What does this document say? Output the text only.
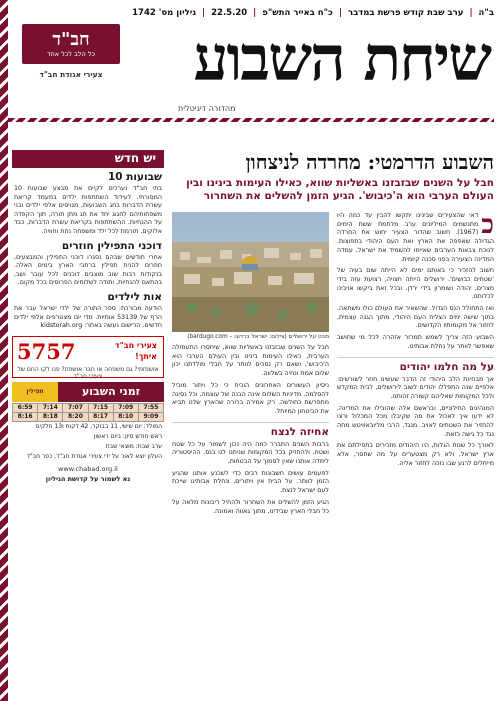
ב"ה
|
ערב שבת קודש פרשת במדבר
|
כ"ח באייר התש"פ
|
22.5.20
|
גיליון מס' 1742
שיחת השבוע
חב"ד
כל הלב לכל אחד
צעירי אגודת חב"ד
מהדורה דיגיטלית
יש חדש
שבועות 10

בתי חב"ד נערכים לקיים את מבצע שבועות 10 המסורתי. לעידוד השתתפות ילדים במעמד קריאת עשרת הדברות בחג השבועות, מגויסים אלפי ילדים ובני משפחותיהם לחגוג יחד את חג מתן תורה, תוך הקפדה על ההנחיות. ההשתתפות בקריאת עשרת הדברות, כבד אלוקים, תורמת לכל ילד ומשפחה נחת וחוויה.

דוכני התפילין חוזרים

אחרי חודשים שבהם נסגרו דוכני התפילין והמבצעים, חוזרים להניח תפילין ברחבי הארץ בימים האלה. בנקודות רבות שוב מוצבים דוכנים לכל עובר ושב, בהתאם להנחיות, ותודה לשלוחים הפרוסים בכל מקום.

אות לילדים

הודעה מבורכת: ספר התורה של ילדי ישראל עבר את הרף של 53139 אותיות. מדי יום מצטרפים אלפי ילדים חדשים. הרישום נעשה באתר: kidstorah.org

5757	צעירי חב"ד
איתך!
אושפזתי? גם משפחה או חבר אושפזו? פנו לקו החם של צעירי חב"ד
זמני השבוע
תפילין
7:55	7:09	7:15	7:07	7:14	6:59
9:09	8:10	8:17	8:20	8:18	8:16
המולד: יום שישי, 11 בבוקר, 42 דקות ו13 חלקים
ראש חודש סיון: ביום ראשון
ערב שבת: מוצאי שבת
העלון יוצא לאור על ידי צעירי אגודת חב"ד, כפר חב"ד
www.chabad.org.il
נא לשמור על קדושת הגיליון
השבוע הדרמטי: מחרדה לניצחון
חבל על השנים שבזבזנו באשליות שווא, כאילו העימות בינינו ובין העולם הערבי הוא ה'כיבוש'. הגיע הזמן להשלים את השחרור

כ
דאי שהצעירים שבינינו יתקשו להבין עד כמה היו מתנשמים המיליונים ערב מלחמת ששת הימים (1967). חשוב שהדור הצעיר יחוש את החרדה הגדולה שאפפה את הארץ ואת העם היהודי בתפוצות. לנוכח צבאות הערבים שאיימו להשמיד את ישראל, עמדה המדינה הצעירה בפני סכנה קיומית.

חשוב להזכיר כי באותם ימים לא הייתה שום בעיה של 'שטחים כבושים'. ירושלים הייתה חצויה, רצועת עזה בידי מצרים, יהודה ושומרון בידי ירדן. ובכל זאת ביקשו אויבינו לכלותנו.

ואז התחולל הנס הגדול. שהשאיר את העולם כולו משתאה. בתוך שישה ימים הצליח העם היהודי, מתוך הגנה עצמית, לחזור אל מקומותיו הקדושים.

השבוע הזה צריך לשמש תמרור אזהרה לכל מי שחושב שאפשר לוותר על נחלת אבותינו.

על מה חלמו יהודים

אך מבחינת הלב היהודי זה הדבר שעשינו חוזר לשורשים: אלפיים שנה התפללו יהודים לשוב לירושלים, לבית המקדש ולכל המקומות שאליהם קשורה זהותנו.

המנהיגים החילוניים, ובראשם אלה שהובילו את המדינה, לא ידעו איך לאכול את מה שקיבלו מכל המכלול ורצו להחזיר את השטחים לאויב. מנגד, הרבי מליובאוויטש מחה נגד כל גישה כזאת.

לאורך כל שנות הגלות, היו היהודים מזכירים בתפילתם את ארץ ישראל, ולא רק מצטערים על מה שחסר, אלא מייחלים לרגע שבו נזכה לחזור אליה.

מבט על ירושלים (צילום: ישראל ברדוגו – bardugo.com)

חבל על השנים שבזבזנו באשליות שווא, שיחסרו התעמולה הערבית, כאילו העימות בינינו ובין העולם הערבי הוא ה'כיבוש', ושאם רק נסכים לוותר על חבלי מולדתנו יכון שלום אמת ונחיה בשלווה.

ניסיון העשורים האחרונים הוכיח כי כל ויתור מוביל להסלמה. מדיניות השלום אינה הבנה של עוצמה, וכל נסיגה מתפרשת כחולשה. רק אמירה ברורה שהארץ שלנו תביא את הביטחון המיוחל.

אחיזה לנצח

ברבות השנים התברר כמה היה נכון לשמור על כל שטח ושטח, ולהחזיק בכל המקומות שניתנו לנו בנס. ההיסטוריה לימדה אותנו שאין לסמוך על הבטחות.

לפעמים עושים חשבונות רבים כדי לשכנע אותנו שהגיע הזמן לוותר. על הבית אין ויתורים, ונחלת אבותינו שייכת לעם ישראל לנצח.

הגיע הזמן להשלים את השחרור ולהחיל ריבונות מלאה על כל חבלי הארץ שבידינו, מתוך גאווה ואמונה.
